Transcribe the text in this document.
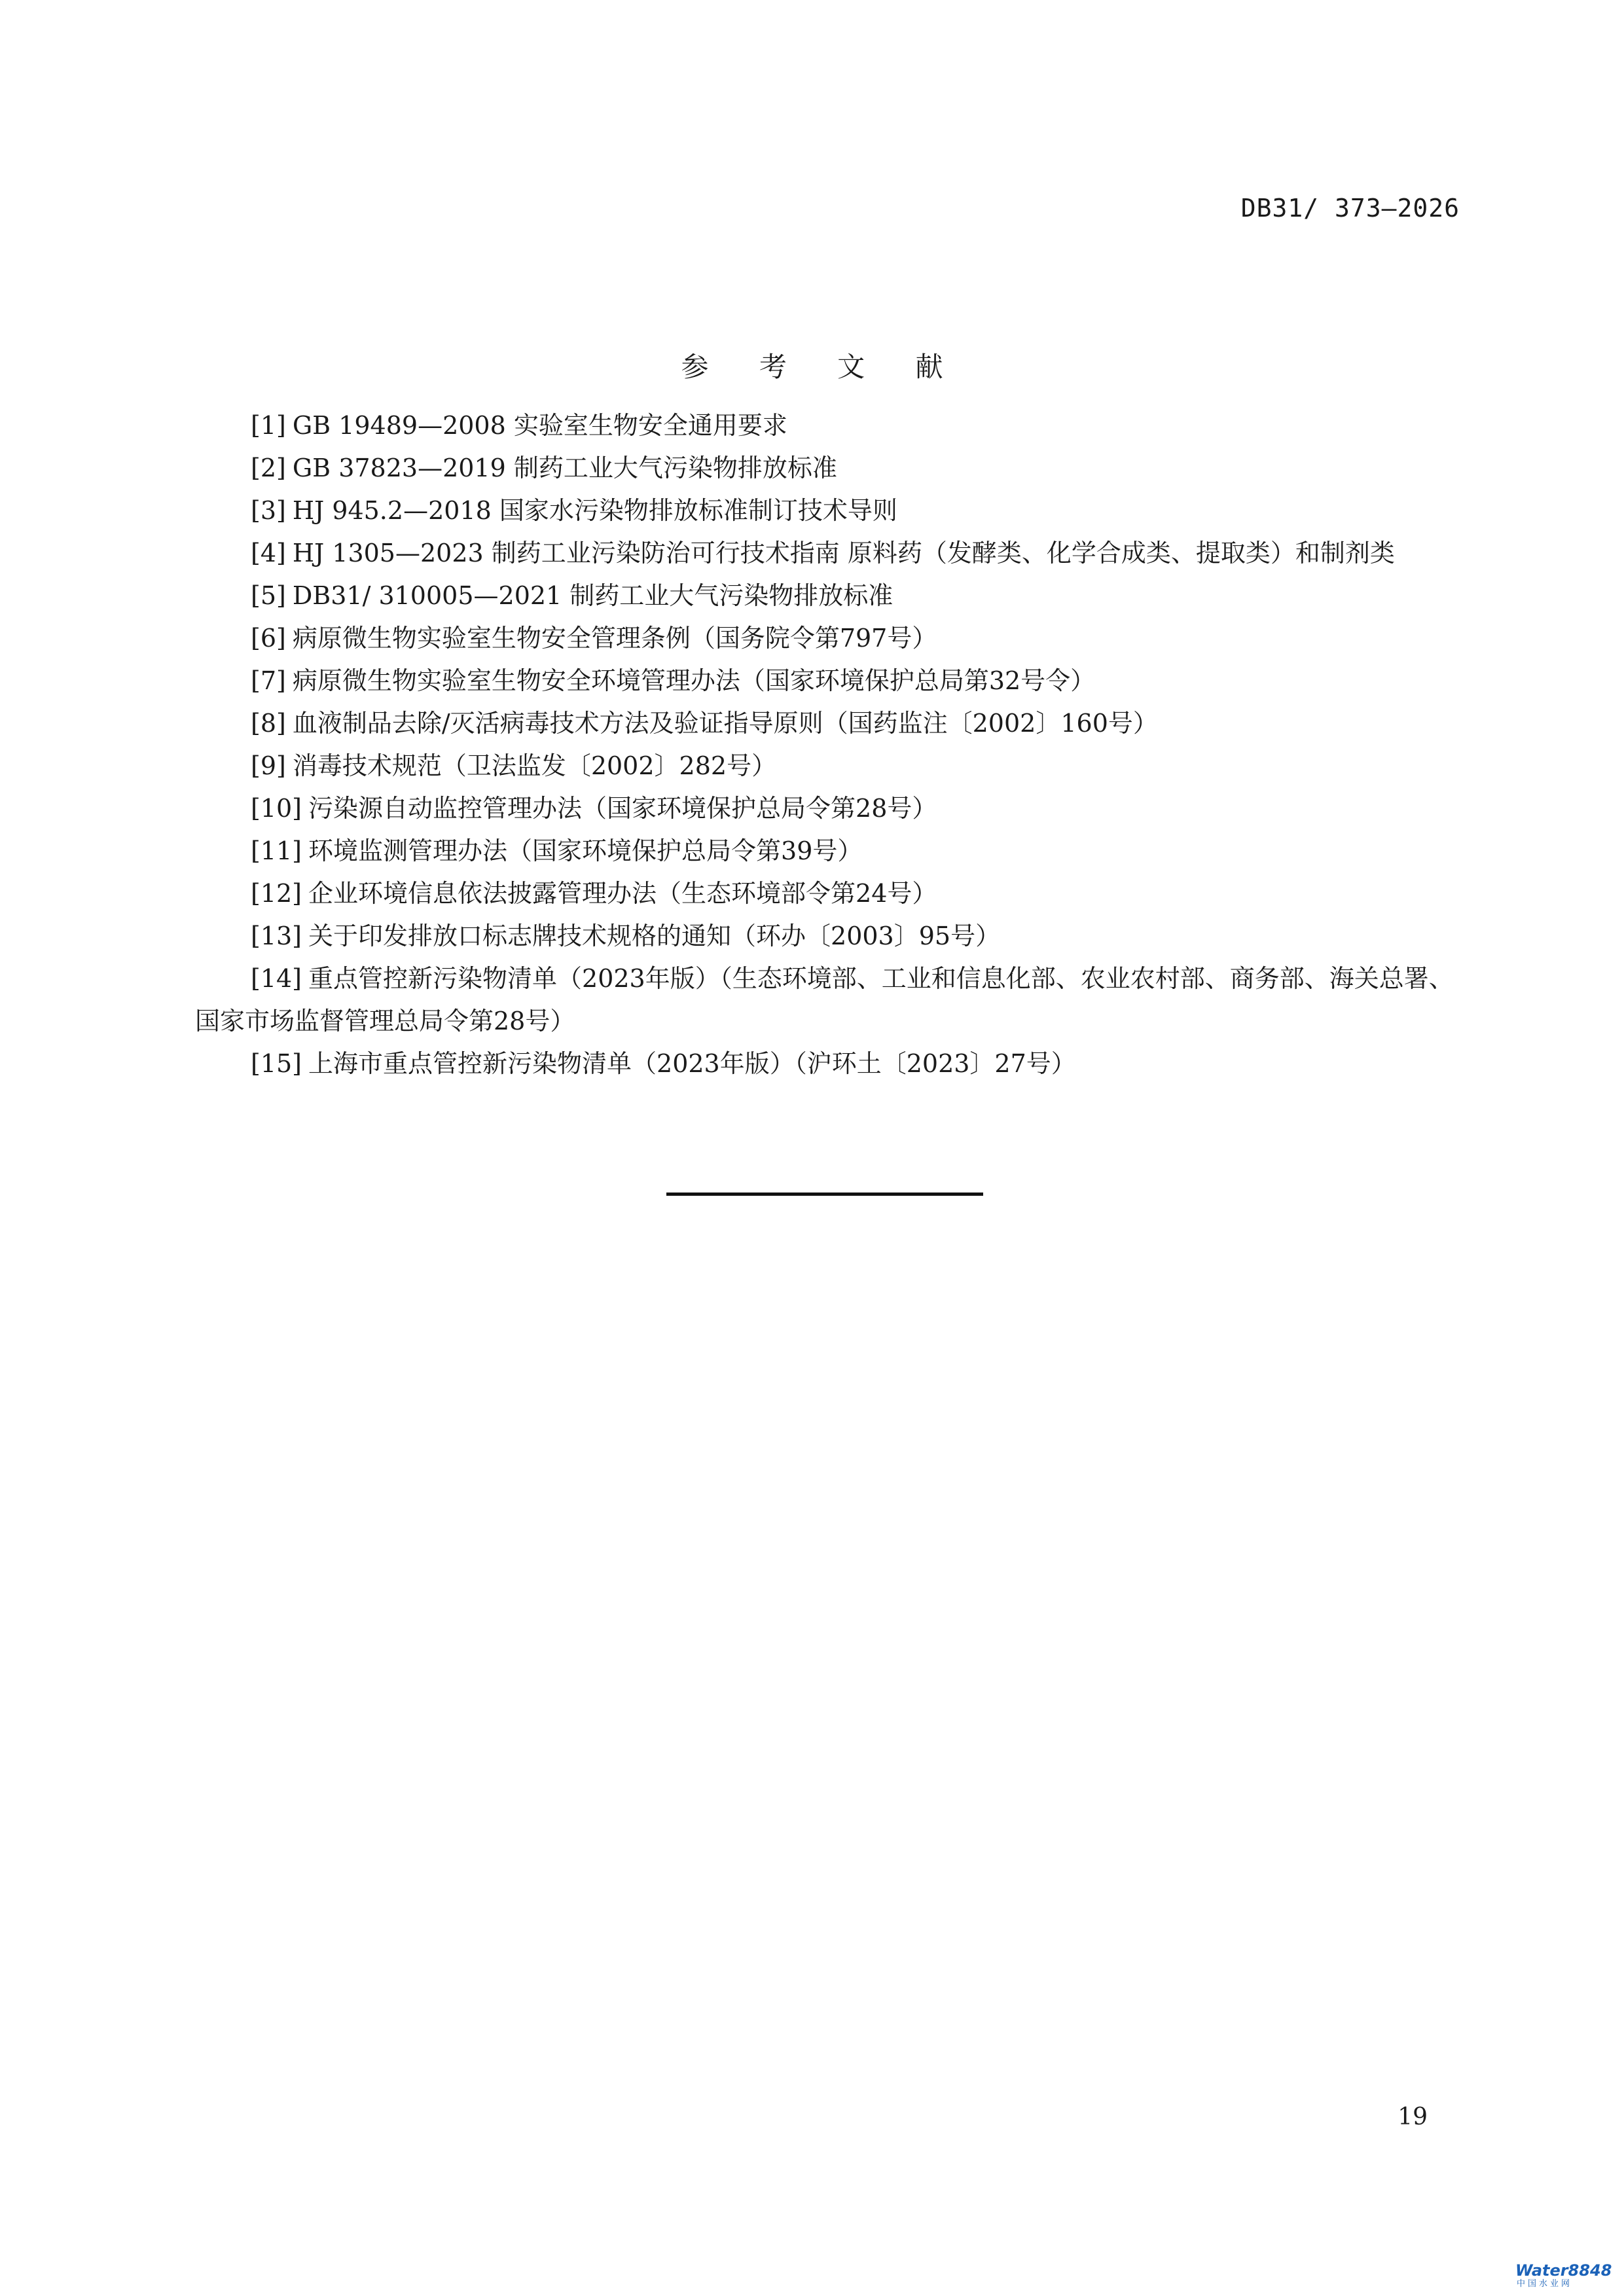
DB31/ 373—2026
参 考 文 献
[1] GB 19489—2008 实验室生物安全通用要求
[2] GB 37823—2019 制药工业大气污染物排放标准
[3] HJ 945.2—2018 国家水污染物排放标准制订技术导则
[4] HJ 1305—2023 制药工业污染防治可行技术指南 原料药（发酵类、化学合成类、提取类）和制剂类
[5] DB31/ 310005—2021 制药工业大气污染物排放标准
[6] 病原微生物实验室生物安全管理条例（国务院令第797号）
[7] 病原微生物实验室生物安全环境管理办法（国家环境保护总局第32号令）
[8] 血液制品去除/灭活病毒技术方法及验证指导原则（国药监注〔2002〕160号）
[9] 消毒技术规范（卫法监发〔2002〕282号）
[10] 污染源自动监控管理办法（国家环境保护总局令第28号）
[11] 环境监测管理办法（国家环境保护总局令第39号）
[12] 企业环境信息依法披露管理办法（生态环境部令第24号）
[13] 关于印发排放口标志牌技术规格的通知（环办〔2003〕95号）
[14] 重点管控新污染物清单（2023年版）（生态环境部、工业和信息化部、农业农村部、商务部、海关总署、国家市场监督管理总局令第28号）
[15] 上海市重点管控新污染物清单（2023年版）（沪环土〔2023〕27号）
19
Water8848
中国水业网
